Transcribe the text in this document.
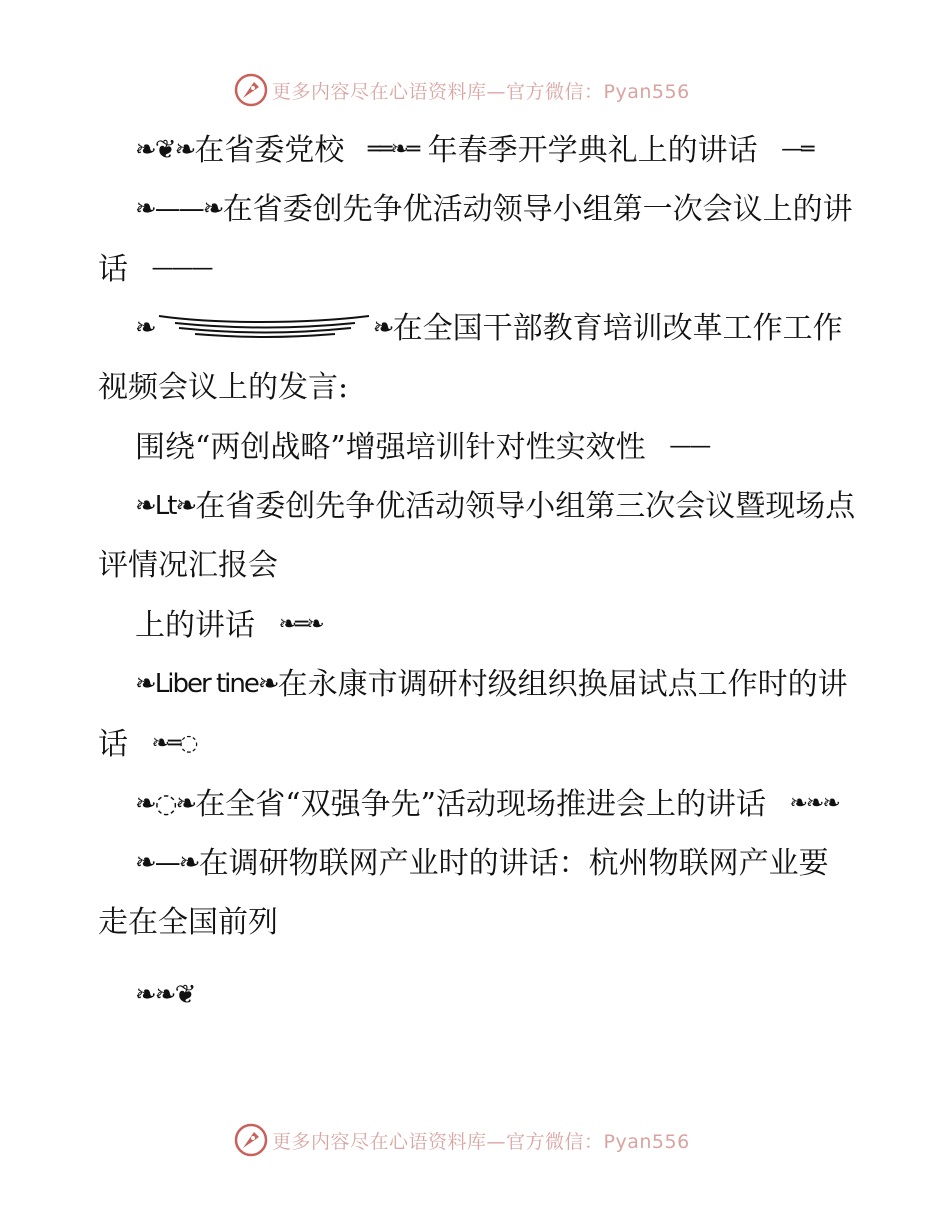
更多内容尽在心语资料库—官方微信：Pyan556

❧❦❧在省委党校 ══❧═ 年春季开学典礼上的讲话 —═

❧——❧在省委创先争优活动领导小组第一次会议上的讲话 ———

❧	❧在全国干部教育培训改革工作工作视频会议上的发言:

围绕“两创战略”增强培训针对性实效性 ——

❧Lt❧在省委创先争优活动领导小组第三次会议暨现场点评情况汇报会

上的讲话 ❧═❧

❧Liber tine❧在永康市调研村级组织换届试点工作时的讲话 ❧═◌

❧◌❧在全省“双强争先”活动现场推进会上的讲话 ❧❧❧

❧—❧在调研物联网产业时的讲话：杭州物联网产业要走在全国前列

❧❧❦

更多内容尽在心语资料库—官方微信：Pyan556
